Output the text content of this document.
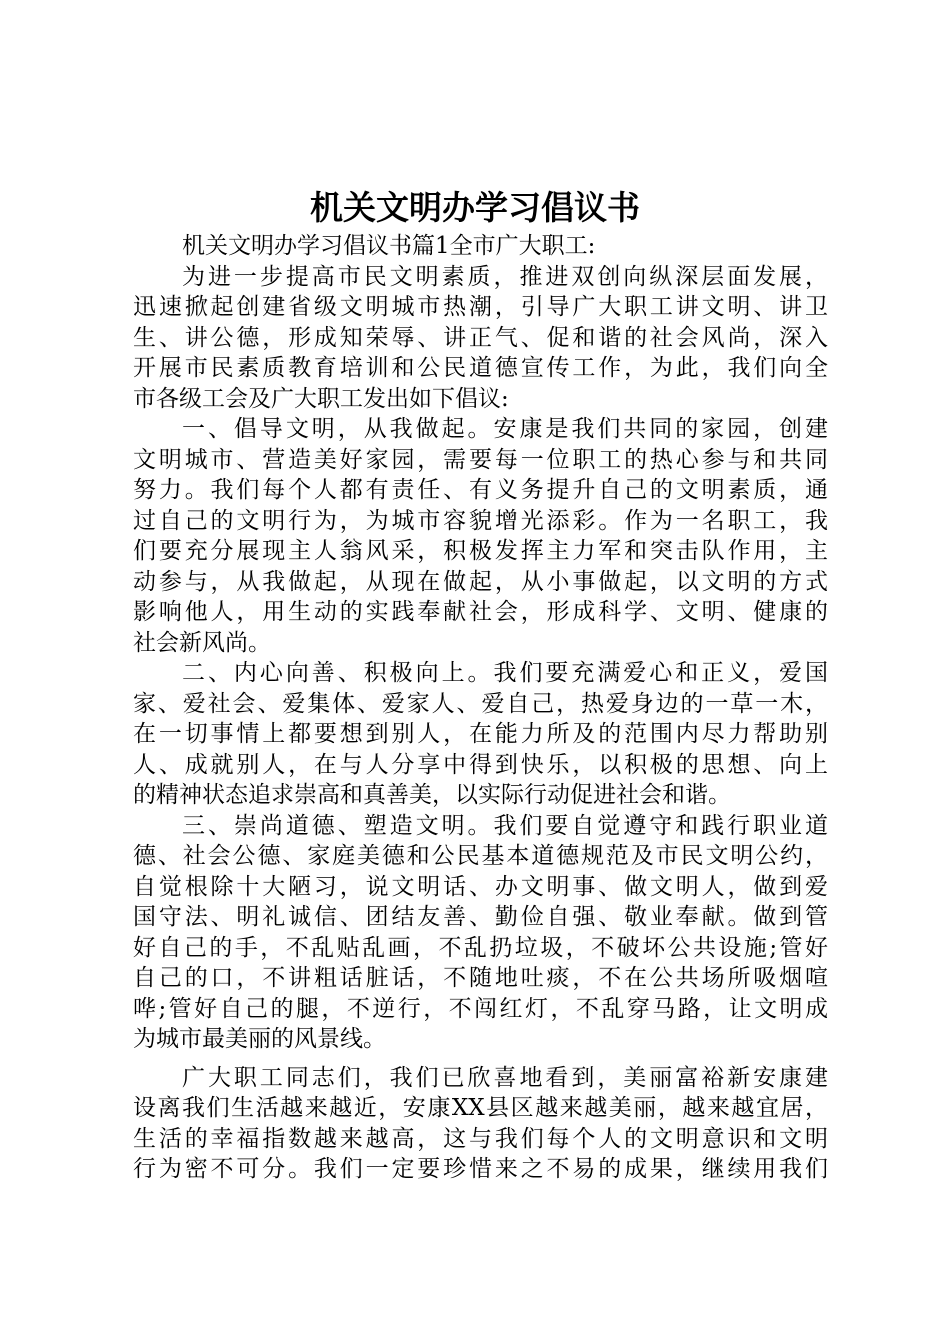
机关文明办学习倡议书
机关文明办学习倡议书篇1全市广大职工:
为进一步提高市民文明素质，推进双创向纵深层面发展，
迅速掀起创建省级文明城市热潮，引导广大职工讲文明、讲卫
生、讲公德，形成知荣辱、讲正气、促和谐的社会风尚，深入
开展市民素质教育培训和公民道德宣传工作，为此，我们向全
市各级工会及广大职工发出如下倡议:
一、倡导文明，从我做起。安康是我们共同的家园，创建
文明城市、营造美好家园，需要每一位职工的热心参与和共同
努力。我们每个人都有责任、有义务提升自己的文明素质，通
过自己的文明行为，为城市容貌增光添彩。作为一名职工，我
们要充分展现主人翁风采，积极发挥主力军和突击队作用，主
动参与，从我做起，从现在做起，从小事做起，以文明的方式
影响他人，用生动的实践奉献社会，形成科学、文明、健康的
社会新风尚。
二、内心向善、积极向上。我们要充满爱心和正义，爱国
家、爱社会、爱集体、爱家人、爱自己，热爱身边的一草一木，
在一切事情上都要想到别人，在能力所及的范围内尽力帮助别
人、成就别人，在与人分享中得到快乐，以积极的思想、向上
的精神状态追求崇高和真善美，以实际行动促进社会和谐。
三、崇尚道德、塑造文明。我们要自觉遵守和践行职业道
德、社会公德、家庭美德和公民基本道德规范及市民文明公约，
自觉根除十大陋习，说文明话、办文明事、做文明人，做到爱
国守法、明礼诚信、团结友善、勤俭自强、敬业奉献。做到管
好自己的手，不乱贴乱画，不乱扔垃圾，不破坏公共设施;管好
自己的口，不讲粗话脏话，不随地吐痰，不在公共场所吸烟喧
哗;管好自己的腿，不逆行，不闯红灯，不乱穿马路，让文明成
为城市最美丽的风景线。
广大职工同志们，我们已欣喜地看到，美丽富裕新安康建
设离我们生活越来越近，安康XX县区越来越美丽，越来越宜居，
生活的幸福指数越来越高，这与我们每个人的文明意识和文明
行为密不可分。我们一定要珍惜来之不易的成果，继续用我们
